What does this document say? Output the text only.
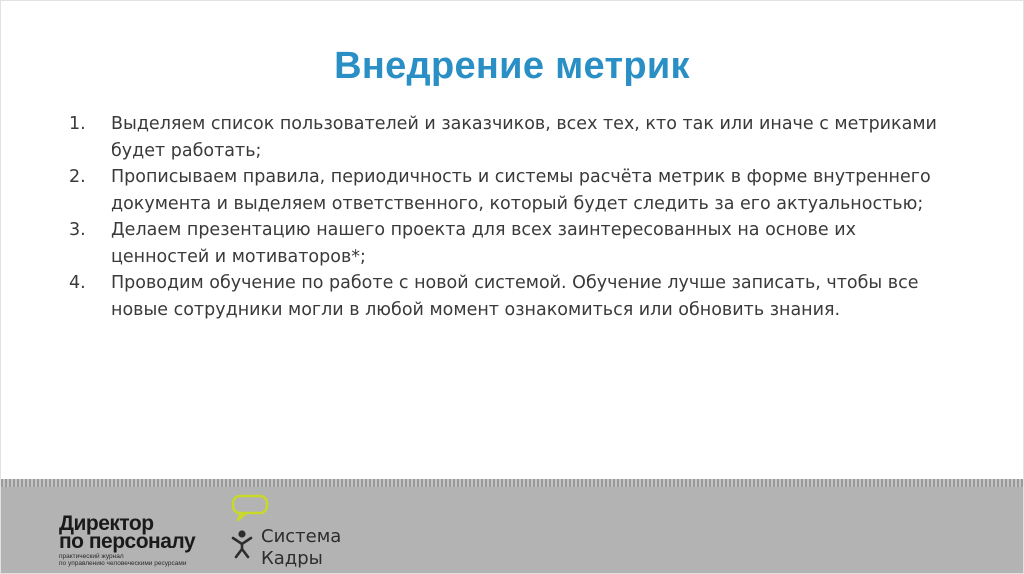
Внедрение метрик
1.	Выделяем список пользователей и заказчиков, всех тех, кто так или иначе с метриками будет работать;
2.	Прописываем правила, периодичность и системы расчёта метрик в форме внутреннего документа и выделяем ответственного, который будет следить за его актуальностью;
3.	Делаем презентацию нашего проекта для всех заинтересованных на основе их ценностей и мотиваторов*;
4.	Проводим обучение по работе с новой системой. Обучение лучше записать, чтобы все новые сотрудники могли в любой момент ознакомиться или обновить знания.
Директор
по персоналу
практический журнал
по управлению человеческими ресурсами
Система
Кадры
